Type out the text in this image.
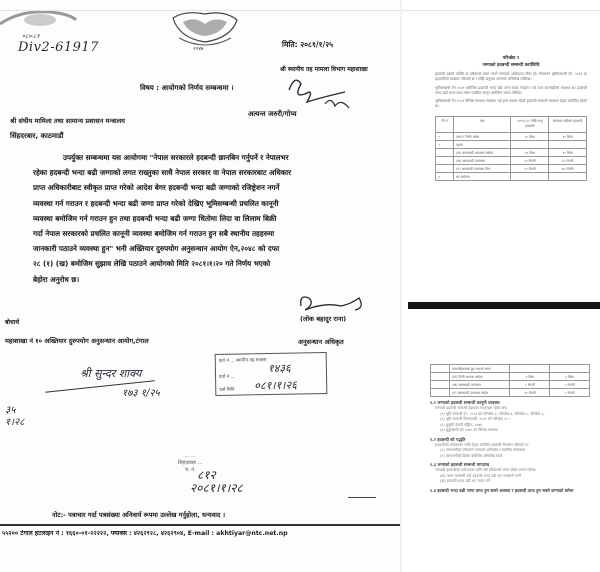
२०४७
०८०-८१
Div2-61917	मिति: २०८१/१/२५
श्री स्थानीय तह मामला विभाग महाशाखा
विषय : आयोगको निर्णय सम्बन्धमा ।
अत्यन्त जरुरी/गोप्य
श्री संघीय मामिला तथा सामान्य प्रशासन मन्त्रालय
सिंहदरबार, काठमाडौं
उपर्युक्त सम्बन्धमा यस आयोगमा "नेपाल सरकारले हदबन्दी छानबिन गर्नुपर्ने र नेपालभर
रहेका हदबन्दी भन्दा बढी जग्गाको लगत राख्नुका साथै नेपाल सरकार वा नेपाल सरकारबाट अधिकार
प्राप्त अधिकारीबाट स्वीकृत प्राप्त गरेको आदेश बेगर हदबन्दी भन्दा बढी जग्गाको रजिष्ट्रेशन नगर्ने
व्यवस्था गर्न गराउन र हदबन्दी भन्दा बढी जग्गा प्राप्त गरेको देखिए भूमिसम्बन्धी प्रचलित कानूनी
व्यवस्था बमोजिम गर्न गराउन हुन तथा हदबन्दी भन्दा बढी जग्गा धितोमा लिदा वा लिलाम बिक्री
गर्दा नेपाल सरकारको प्रचलित कानूनी व्यवस्था बमोजिम गर्न गराउन हुन सबै स्थानीय तहहरुमा
जानकारी पठाउने व्यवस्था हुन" भनी अख्तियार दुरुपयोग अनुसन्धान आयोग ऐन,२०४८ को दफा
२८ (१) (ख) बमोजिम सुझाव लेखि पठाउने आयोगको मिति २०८१।१।२० गते निर्णय भएको
बेहोरा अनुरोध छ।
(लोक बहादुर राना)
बोधार्थ
अनुसन्धान अधिकृत
महाशाखा नं १० अख्तियार दुरुपयोग अनुसन्धान आयोग,टंगाल
श्री सुन्दर शाक्य
१७३ १/२५
३५
१।२८
दर्ता नं ... स्थानीय तह मामला
१४३६
दर्ता नं ...
दर्ता मिति ०८१।१।२६
... ...
सिंहदरबार ...
च. नं. ८१२
२०८१।१।२८
नोट:- पत्राचार गर्दा पत्रसंख्या अनिवार्य रूपमा उल्लेख गर्नुहोला, धन्यवाद ।
५५२०० टंगाल हटलाइन नं : १६६०-०१-२२२२२, फ्याक्स : ४२६२९२८, ४२६२९०४, E-mail : akhtiyar@ntc.net.np
परिच्छेद १
जग्गाको हदबन्दी सम्बन्धी कार्यविधि
हदबन्दी भन्नाले व्यक्ति वा परिवारले राख्न पाउने जग्गाको अधिकतम सीमा हो। नेपालको भूमिसम्बन्धी ऐन, २०२१ मा हदबन्दीको व्यवस्था गरिएको छ र सोही अनुसार जग्गाको अभिलेख राखिन्छ।
भूमिसम्बन्धी ऐन २०२१ बमोजिम हदबन्दी भन्दा बढी जग्गा राख्न नपाइने र सो उपर कारबाहीको व्यवस्था छ। हदबन्दी भन्दा बढी जग्गा प्राप्त गरेमा प्रचलित कानून बमोजिम जफत गरिनेछ।
भूमिसम्बन्धी ऐन २०२१ विभिन्न समयमा संशोधन भई हाल कायम रहेको हदबन्दी सम्बन्धी व्यवस्था देहाय बमोजिम रहेको छ।
सि.नं	क्षेत्र	२०२१/८/१ देखि लागू हदबन्दी	संशोधन पछिको हदबन्दी
१	तराई र भित्री मधेश	२५ बिघा	१० बिघा
२	पहाड		
	(क) काठमाडौं उपत्यका बाहेक	१६ बिघा	१० बिघा
	(ख) काठमाडौं उपत्यका	५० रोपनी	२५ रोपनी
	(ग) काठमाडौं उपत्यका भित्र	८० रोपनी	७० रोपनी
३	घर प्रयोजन		
	कम्पनीहरूलाई छुट भएको जग्गा		
	(क) निजी आवास बाहेक	१ बिघा	१ बिघा
	(ख) काठमाडौं उपत्यका	८ रोपनी	५ रोपनी
	(ग) काठमाडौं उपत्यका बाहेक	१६ रोपनी	५ रोपनी
१.१ जग्गाको हदबन्दी सम्बन्धी कानूनी व्यवस्था
जग्गाको हदबन्दी सम्बन्धी देहायका कानूनहरू रहेका छन्:
(१) भूमि सम्बन्धी ऐन, २०२१ को परिच्छेद-३, परिच्छेद-४, परिच्छेद-५, परिच्छेद-६,
(२) भूमि सम्बन्धी नियमावली, २०२१ को परिच्छेद १२ ।
(३) मुलुकी देवानी संहिता, २०७४
(४) सुकुम्बासी ऐन २०७० का विभिन्न व्यवस्था
१.२ हदबन्दी को पद्धति
हदबन्दीको प्रयोजनका लागि देहाय बमोजिम हदबन्दी निर्धारण गरिएको छ:
(१) जग्गाधनीको परिवारले जग्गाको अभिलेख र स्वामित्व सम्बन्धमा
(२) जग्गाधनीको हिस्सा बमोजिम अभिलेख राख्ने
१.३ जग्गाको हदबन्दी सम्बन्धी मापदण्ड
जग्गाको हदबन्दीको प्रयोजनका लागि सबै परिवारको जग्गा जोडेर गणना गरिन्छ:
(क) जग्गा नामसारी गर्दा हदबन्दी भन्दा बढी भए नामसारी नगर्ने
(ख) हदबन्दी भन्दा बढी भए जफत गर्ने
१.४ हदबन्दी भन्दा बढी जग्गा प्राप्त हुन सक्ने अवस्था र हदबन्दी प्राप्त हुन सक्ने जग्गाको बारेमा
